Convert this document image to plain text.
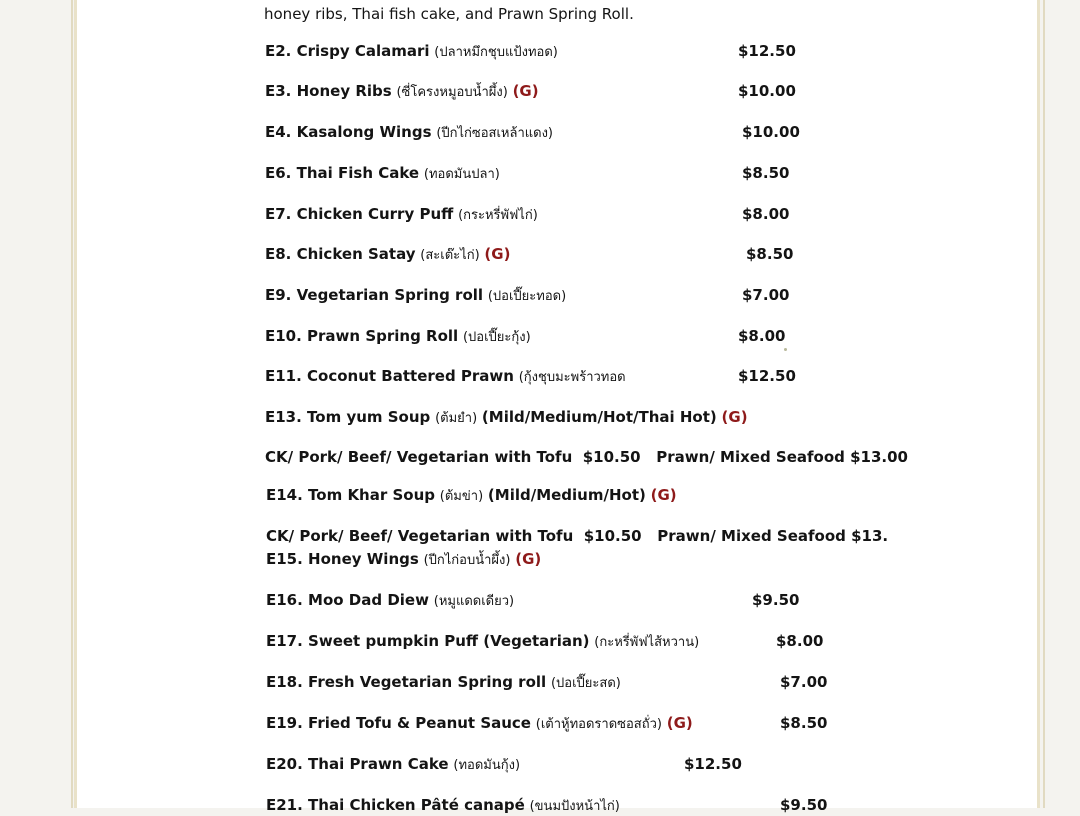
honey ribs, Thai fish cake, and Prawn Spring Roll.
E2. Crispy Calamari (ปลาหมึกชุบแป้งทอด)	$12.50
E3. Honey Ribs (ซี่โครงหมูอบน้ำผึ้ง) (G)	$10.00
E4. Kasalong Wings (ปีกไก่ซอสเหล้าแดง)	$10.00
E6. Thai Fish Cake (ทอดมันปลา)	$8.50
E7. Chicken Curry Puff (กระหรี่พัฟไก่)	$8.00
E8. Chicken Satay (สะเต๊ะไก่) (G)	$8.50
E9. Vegetarian Spring roll (ปอเปี๊ยะทอด)	$7.00
E10. Prawn Spring Roll (ปอเปี๊ยะกุ้ง)	$8.00
E11. Coconut Battered Prawn (กุ้งชุบมะพร้าวทอด	$12.50
E13. Tom yum Soup (ต้มยำ) (Mild/Medium/Hot/Thai Hot) (G)
CK/ Pork/ Beef/ Vegetarian with Tofu $10.50 Prawn/ Mixed Seafood $13.00
E14. Tom Khar Soup (ต้มข่า) (Mild/Medium/Hot) (G)
CK/ Pork/ Beef/ Vegetarian with Tofu $10.50 Prawn/ Mixed Seafood $13.
E15. Honey Wings (ปีกไก่อบน้ำผึ้ง) (G)
E16. Moo Dad Diew (หมูแดดเดียว)	$9.50
E17. Sweet pumpkin Puff (Vegetarian) (กะหรี่พัฟไส้หวาน)	$8.00
E18. Fresh Vegetarian Spring roll (ปอเปี๊ยะสด)	$7.00
E19. Fried Tofu & Peanut Sauce (เต้าหู้ทอดราดซอสถั่ว) (G)	$8.50
E20. Thai Prawn Cake (ทอดมันกุ้ง)	$12.50
E21. Thai Chicken Pâté canapé (ขนมปังหน้าไก่)	$9.50
